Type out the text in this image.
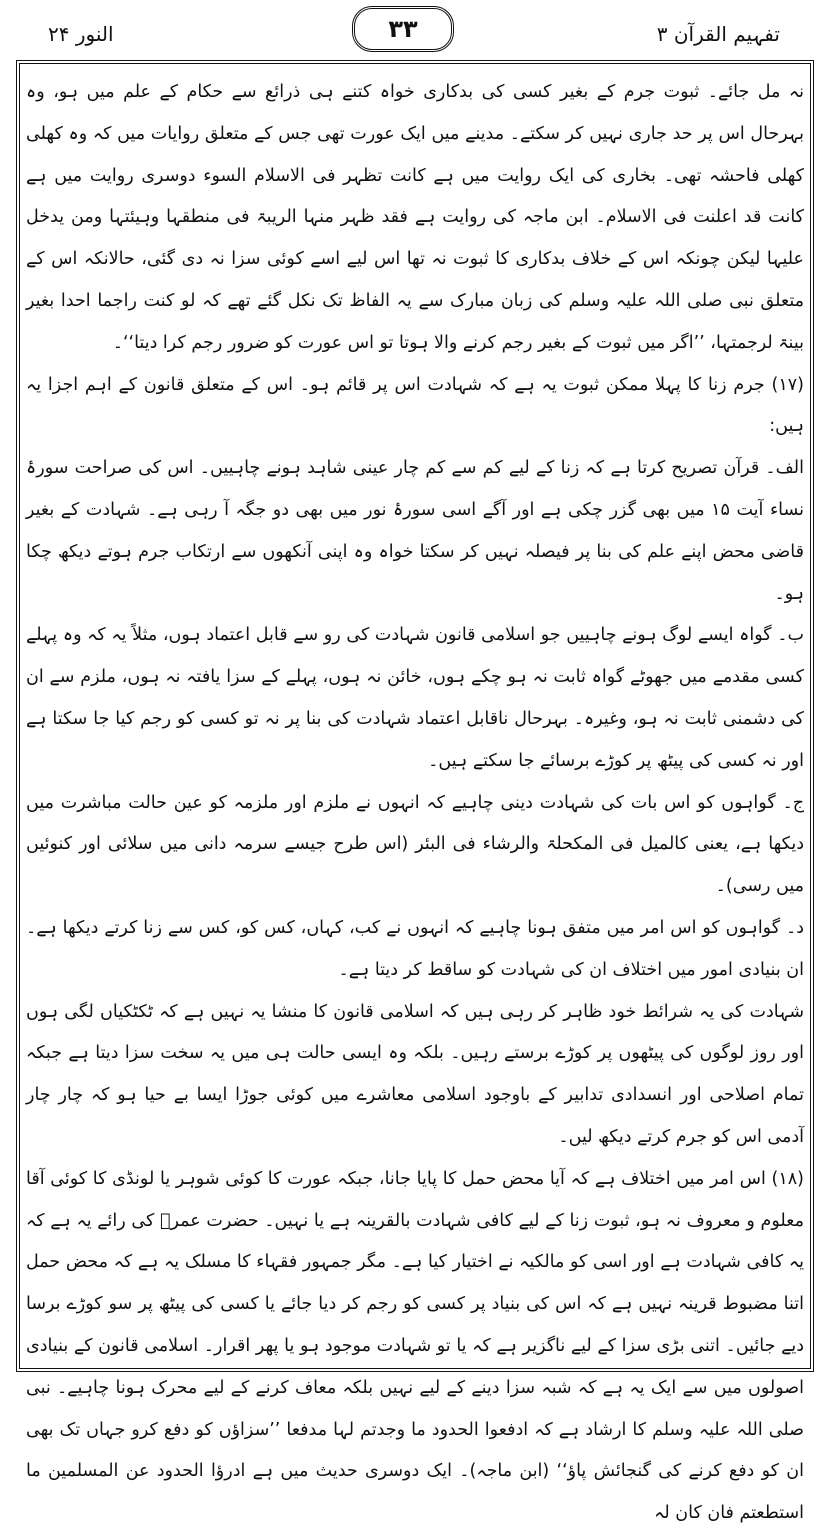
النور ۲۴	۳۳	تفہیم القرآن ۳

نہ مل جائے۔ ثبوت جرم کے بغیر کسی کی بدکاری خواہ کتنے ہی ذرائع سے حکام کے علم میں ہو، وہ بہرحال اس پر حد جاری نہیں کر سکتے۔ مدینے میں ایک عورت تھی جس کے متعلق روایات میں کہ وہ کھلی کھلی فاحشہ تھی۔ بخاری کی ایک روایت میں ہے کانت تظہر فی الاسلام السوء دوسری روایت میں ہے کانت قد اعلنت فی الاسلام۔ ابن ماجہ کی روایت ہے فقد ظہر منہا الریبۃ فی منطقہا وہیئتہا ومن یدخل علیہا لیکن چونکہ اس کے خلاف بدکاری کا ثبوت نہ تھا اس لیے اسے کوئی سزا نہ دی گئی، حالانکہ اس کے متعلق نبی صلی اللہ علیہ وسلم کی زبان مبارک سے یہ الفاظ تک نکل گئے تھے کہ لو کنت راجما احدا بغیر بینۃ لرجمتہا، ’’اگر میں ثبوت کے بغیر رجم کرنے والا ہوتا تو اس عورت کو ضرور رجم کرا دیتا‘‘۔

(۱۷) جرم زنا کا پہلا ممکن ثبوت یہ ہے کہ شہادت اس پر قائم ہو۔ اس کے متعلق قانون کے اہم اجزا یہ ہیں:

الف۔ قرآن تصریح کرتا ہے کہ زنا کے لیے کم سے کم چار عینی شاہد ہونے چاہییں۔ اس کی صراحت سورۂ نساء آیت ۱۵ میں بھی گزر چکی ہے اور آگے اسی سورۂ نور میں بھی دو جگہ آ رہی ہے۔ شہادت کے بغیر قاضی محض اپنے علم کی بنا پر فیصلہ نہیں کر سکتا خواہ وہ اپنی آنکھوں سے ارتکاب جرم ہوتے دیکھ چکا ہو۔

ب۔ گواہ ایسے لوگ ہونے چاہییں جو اسلامی قانون شہادت کی رو سے قابل اعتماد ہوں، مثلاً یہ کہ وہ پہلے کسی مقدمے میں جھوٹے گواہ ثابت نہ ہو چکے ہوں، خائن نہ ہوں، پہلے کے سزا یافتہ نہ ہوں، ملزم سے ان کی دشمنی ثابت نہ ہو، وغیرہ۔ بہرحال ناقابل اعتماد شہادت کی بنا پر نہ تو کسی کو رجم کیا جا سکتا ہے اور نہ کسی کی پیٹھ پر کوڑے برسائے جا سکتے ہیں۔

ج۔ گواہوں کو اس بات کی شہادت دینی چاہیے کہ انہوں نے ملزم اور ملزمہ کو عین حالت مباشرت میں دیکھا ہے، یعنی کالمیل فی المکحلۃ والرشاء فی البئر (اس طرح جیسے سرمہ دانی میں سلائی اور کنوئیں میں رسی)۔

د۔ گواہوں کو اس امر میں متفق ہونا چاہیے کہ انہوں نے کب، کہاں، کس کو، کس سے زنا کرتے دیکھا ہے۔ ان بنیادی امور میں اختلاف ان کی شہادت کو ساقط کر دیتا ہے۔

شہادت کی یہ شرائط خود ظاہر کر رہی ہیں کہ اسلامی قانون کا منشا یہ نہیں ہے کہ ٹکٹکیاں لگی ہوں اور روز لوگوں کی پیٹھوں پر کوڑے برستے رہیں۔ بلکہ وہ ایسی حالت ہی میں یہ سخت سزا دیتا ہے جبکہ تمام اصلاحی اور انسدادی تدابیر کے باوجود اسلامی معاشرے میں کوئی جوڑا ایسا بے حیا ہو کہ چار چار آدمی اس کو جرم کرتے دیکھ لیں۔

(۱۸) اس امر میں اختلاف ہے کہ آیا محض حمل کا پایا جانا، جبکہ عورت کا کوئی شوہر یا لونڈی کا کوئی آقا معلوم و معروف نہ ہو، ثبوت زنا کے لیے کافی شہادت بالقرینہ ہے یا نہیں۔ حضرت عمرؓ کی رائے یہ ہے کہ یہ کافی شہادت ہے اور اسی کو مالکیہ نے اختیار کیا ہے۔ مگر جمہور فقہاء کا مسلک یہ ہے کہ محض حمل اتنا مضبوط قرینہ نہیں ہے کہ اس کی بنیاد پر کسی کو رجم کر دیا جائے یا کسی کی پیٹھ پر سو کوڑے برسا دیے جائیں۔ اتنی بڑی سزا کے لیے ناگزیر ہے کہ یا تو شہادت موجود ہو یا پھر اقرار۔ اسلامی قانون کے بنیادی اصولوں میں سے ایک یہ ہے کہ شبہ سزا دینے کے لیے نہیں بلکہ معاف کرنے کے لیے محرک ہونا چاہیے۔ نبی صلی اللہ علیہ وسلم کا ارشاد ہے کہ ادفعوا الحدود ما وجدتم لہا مدفعا ’’سزاؤں کو دفع کرو جہاں تک بھی ان کو دفع کرنے کی گنجائش پاؤ‘‘ (ابن ماجہ)۔ ایک دوسری حدیث میں ہے ادرؤا الحدود عن المسلمین ما استطعتم فان کان لہ
